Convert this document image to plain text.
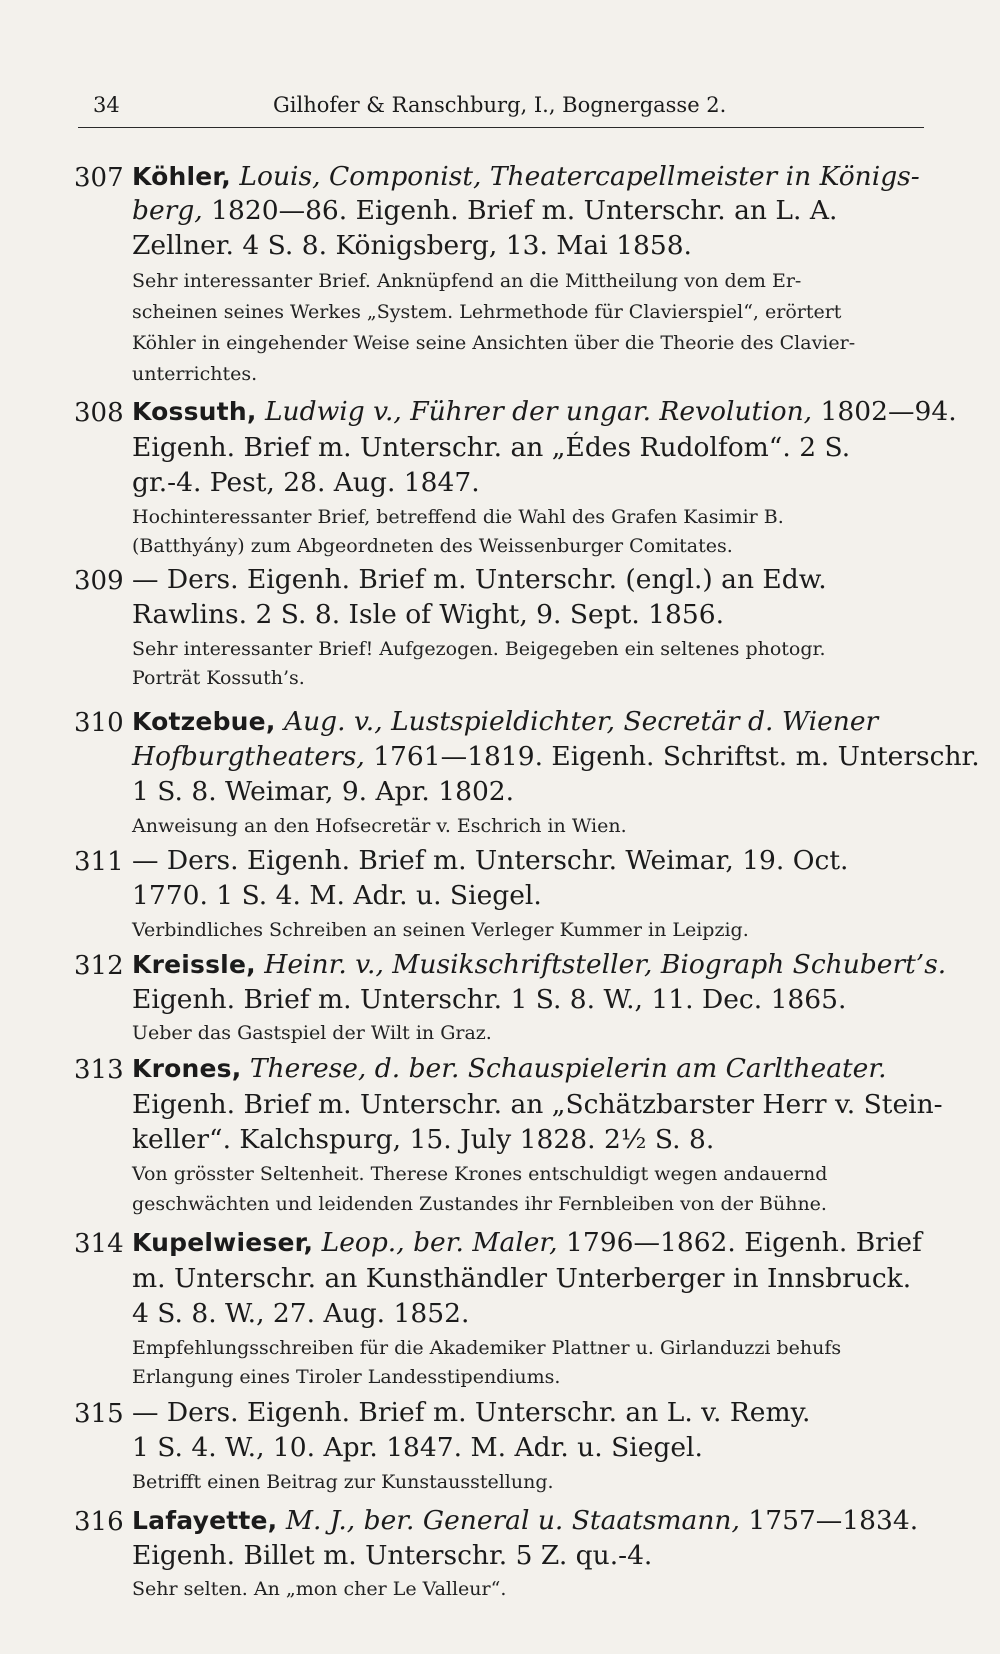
34	Gilhofer & Ranschburg, I., Bognergasse 2.
307 Köhler, Louis, Componist, Theatercapellmeister in Königs-
berg, 1820—86. Eigenh. Brief m. Unterschr. an L. A.
Zellner. 4 S. 8. Königsberg, 13. Mai 1858.
Sehr interessanter Brief. Anknüpfend an die Mittheilung von dem Er-
scheinen seines Werkes „System. Lehrmethode für Clavierspiel“, erörtert
Köhler in eingehender Weise seine Ansichten über die Theorie des Clavier-
unterrichtes.
308 Kossuth, Ludwig v., Führer der ungar. Revolution, 1802—94.
Eigenh. Brief m. Unterschr. an „Édes Rudolfom“. 2 S.
gr.-4. Pest, 28. Aug. 1847.
Hochinteressanter Brief, betreffend die Wahl des Grafen Kasimir B.
(Batthyány) zum Abgeordneten des Weissenburger Comitates.
309 — Ders. Eigenh. Brief m. Unterschr. (engl.) an Edw.
Rawlins. 2 S. 8. Isle of Wight, 9. Sept. 1856.
Sehr interessanter Brief! Aufgezogen. Beigegeben ein seltenes photogr.
Porträt Kossuth’s.
310 Kotzebue, Aug. v., Lustspieldichter, Secretär d. Wiener
Hofburgtheaters, 1761—1819. Eigenh. Schriftst. m. Unterschr.
1 S. 8. Weimar, 9. Apr. 1802.
Anweisung an den Hofsecretär v. Eschrich in Wien.
311 — Ders. Eigenh. Brief m. Unterschr. Weimar, 19. Oct.
1770. 1 S. 4. M. Adr. u. Siegel.
Verbindliches Schreiben an seinen Verleger Kummer in Leipzig.
312 Kreissle, Heinr. v., Musikschriftsteller, Biograph Schubert’s.
Eigenh. Brief m. Unterschr. 1 S. 8. W., 11. Dec. 1865.
Ueber das Gastspiel der Wilt in Graz.
313 Krones, Therese, d. ber. Schauspielerin am Carltheater.
Eigenh. Brief m. Unterschr. an „Schätzbarster Herr v. Stein-
keller“. Kalchspurg, 15. July 1828. 2½ S. 8.
Von grösster Seltenheit. Therese Krones entschuldigt wegen andauernd
geschwächten und leidenden Zustandes ihr Fernbleiben von der Bühne.
314 Kupelwieser, Leop., ber. Maler, 1796—1862. Eigenh. Brief
m. Unterschr. an Kunsthändler Unterberger in Innsbruck.
4 S. 8. W., 27. Aug. 1852.
Empfehlungsschreiben für die Akademiker Plattner u. Girlanduzzi behufs
Erlangung eines Tiroler Landesstipendiums.
315 — Ders. Eigenh. Brief m. Unterschr. an L. v. Remy.
1 S. 4. W., 10. Apr. 1847. M. Adr. u. Siegel.
Betrifft einen Beitrag zur Kunstausstellung.
316 Lafayette, M. J., ber. General u. Staatsmann, 1757—1834.
Eigenh. Billet m. Unterschr. 5 Z. qu.-4.
Sehr selten. An „mon cher Le Valleur“.
